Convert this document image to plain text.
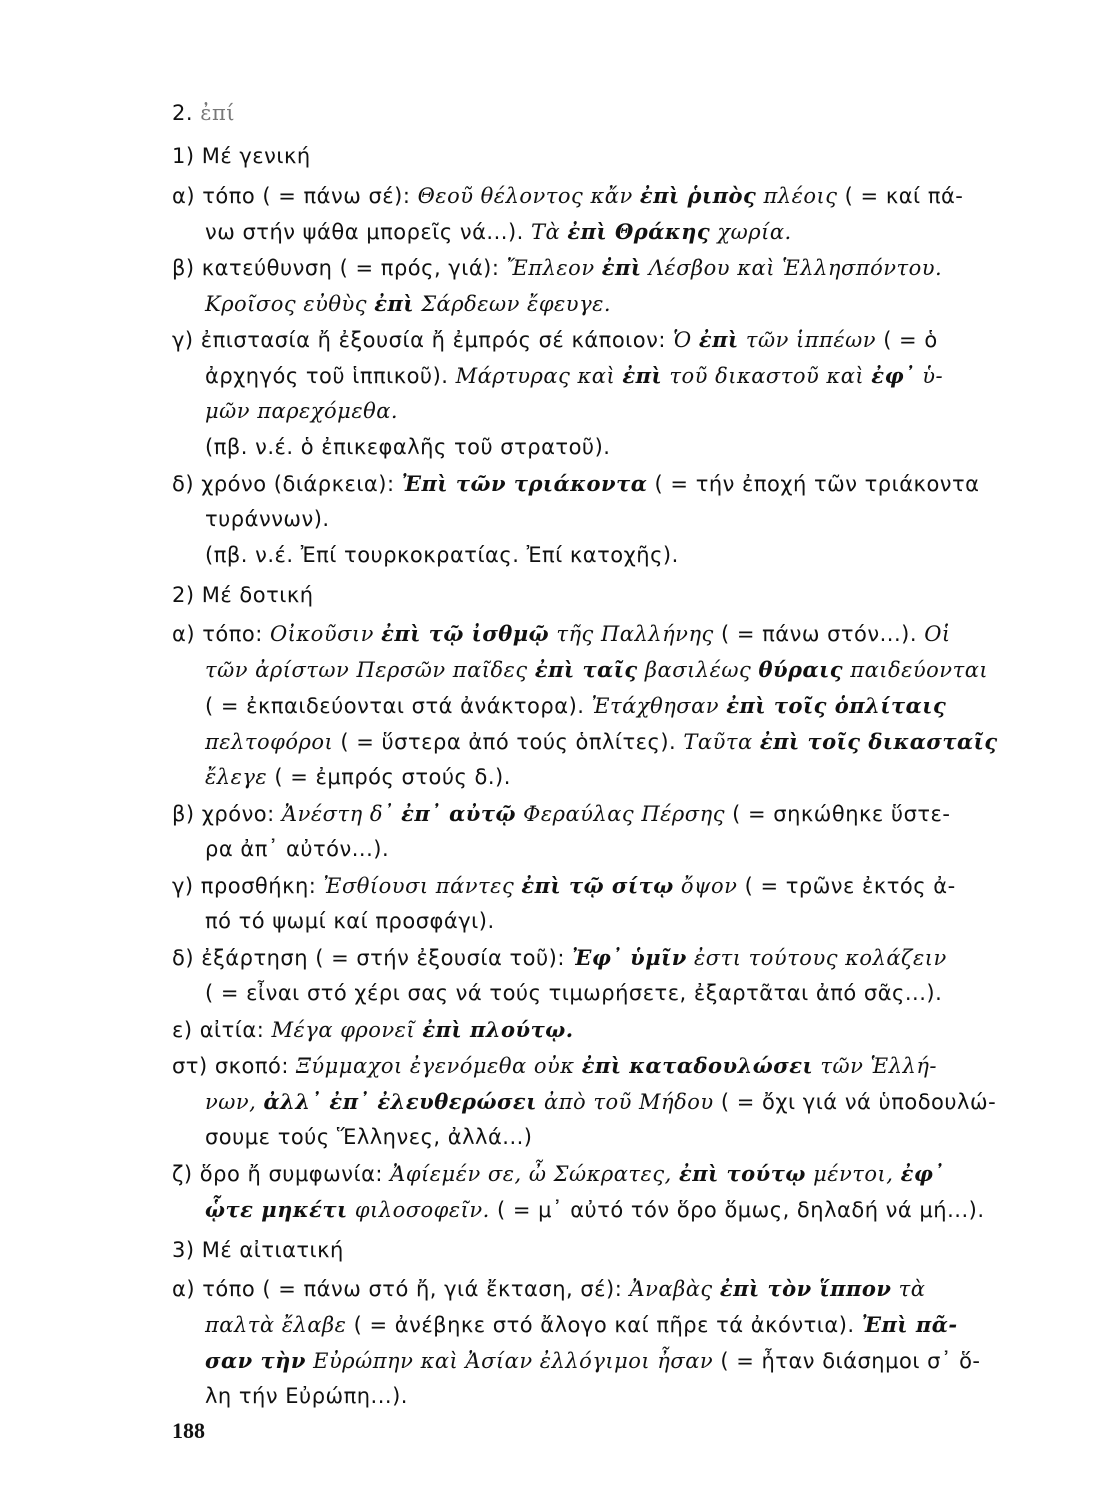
2. ἐπί
1) Μέ γενική
α) τόπο ( = πάνω σέ): Θεοῦ θέλοντος κἄν ἐπὶ ῥιπὸς πλέοις ( = καί πά-
νω στήν ψάθα μπορεῖς νά...). Τὰ ἐπὶ Θράκης χωρία.
β) κατεύθυνση ( = πρός, γιά): Ἔπλεον ἐπὶ Λέσβου καὶ Ἑλλησπόντου.
Κροῖσος εὐθὺς ἐπὶ Σάρδεων ἔφευγε.
γ) ἐπιστασία ἤ ἐξουσία ἤ ἐμπρός σέ κάποιον: Ὁ ἐπὶ τῶν ἱππέων ( = ὁ
ἀρχηγός τοῦ ἱππικοῦ). Μάρτυρας καὶ ἐπὶ τοῦ δικαστοῦ καὶ ἐφ᾽ ὑ-
μῶν παρεχόμεθα.
(πβ. ν.έ. ὁ ἐπικεφαλῆς τοῦ στρατοῦ).
δ) χρόνο (διάρκεια): Ἐπὶ τῶν τριάκοντα ( = τήν ἐποχή τῶν τριάκοντα
τυράννων).
(πβ. ν.έ. Ἐπί τουρκοκρατίας. Ἐπί κατοχῆς).
2) Μέ δοτική
α) τόπο: Οἰκοῦσιν ἐπὶ τῷ ἰσθμῷ τῆς Παλλήνης ( = πάνω στόν...). Οἱ
τῶν ἀρίστων Περσῶν παῖδες ἐπὶ ταῖς βασιλέως θύραις παιδεύονται
( = ἐκπαιδεύονται στά ἀνάκτορα). Ἐτάχθησαν ἐπὶ τοῖς ὁπλίταις
πελτοφόροι ( = ὕστερα ἀπό τούς ὁπλίτες). Ταῦτα ἐπὶ τοῖς δικασταῖς
ἔλεγε ( = ἐμπρός στούς δ.).
β) χρόνο: Ἀνέστη δ᾽ ἐπ᾽ αὐτῷ Φεραύλας Πέρσης ( = σηκώθηκε ὕστε-
ρα ἀπ᾽ αὐτόν...).
γ) προσθήκη: Ἐσθίουσι πάντες ἐπὶ τῷ σίτῳ ὄψον ( = τρῶνε ἐκτός ἀ-
πό τό ψωμί καί προσφάγι).
δ) ἐξάρτηση ( = στήν ἐξουσία τοῦ): Ἐφ᾽ ὑμῖν ἐστι τούτους κολάζειν
( = εἶναι στό χέρι σας νά τούς τιμωρήσετε, ἐξαρτᾶται ἀπό σᾶς...).
ε) αἰτία: Μέγα φρονεῖ ἐπὶ πλούτῳ.
στ) σκοπό: Ξύμμαχοι ἐγενόμεθα οὐκ ἐπὶ καταδουλώσει τῶν Ἑλλή-
νων, ἀλλ᾽ ἐπ᾽ ἐλευθερώσει ἀπὸ τοῦ Μήδου ( = ὄχι γιά νά ὑποδουλώ-
σουμε τούς Ἕλληνες, ἀλλά...)
ζ) ὅρο ἤ συμφωνία: Ἀφίεμέν σε, ὦ Σώκρατες, ἐπὶ τούτῳ μέντοι, ἐφ᾽
ᾧτε μηκέτι φιλοσοφεῖν. ( = μ᾽ αὐτό τόν ὅρο ὅμως, δηλαδή νά μή...).
3) Μέ αἰτιατική
α) τόπο ( = πάνω στό ἤ, γιά ἔκταση, σέ): Ἀναβὰς ἐπὶ τὸν ἵππον τὰ
παλτὰ ἔλαβε ( = ἀνέβηκε στό ἄλογο καί πῆρε τά ἀκόντια). Ἐπὶ πᾶ-
σαν τὴν Εὐρώπην καὶ Ἀσίαν ἐλλόγιμοι ἦσαν ( = ἦταν διάσημοι σ᾽ ὅ-
λη τήν Εὐρώπη...).
188
